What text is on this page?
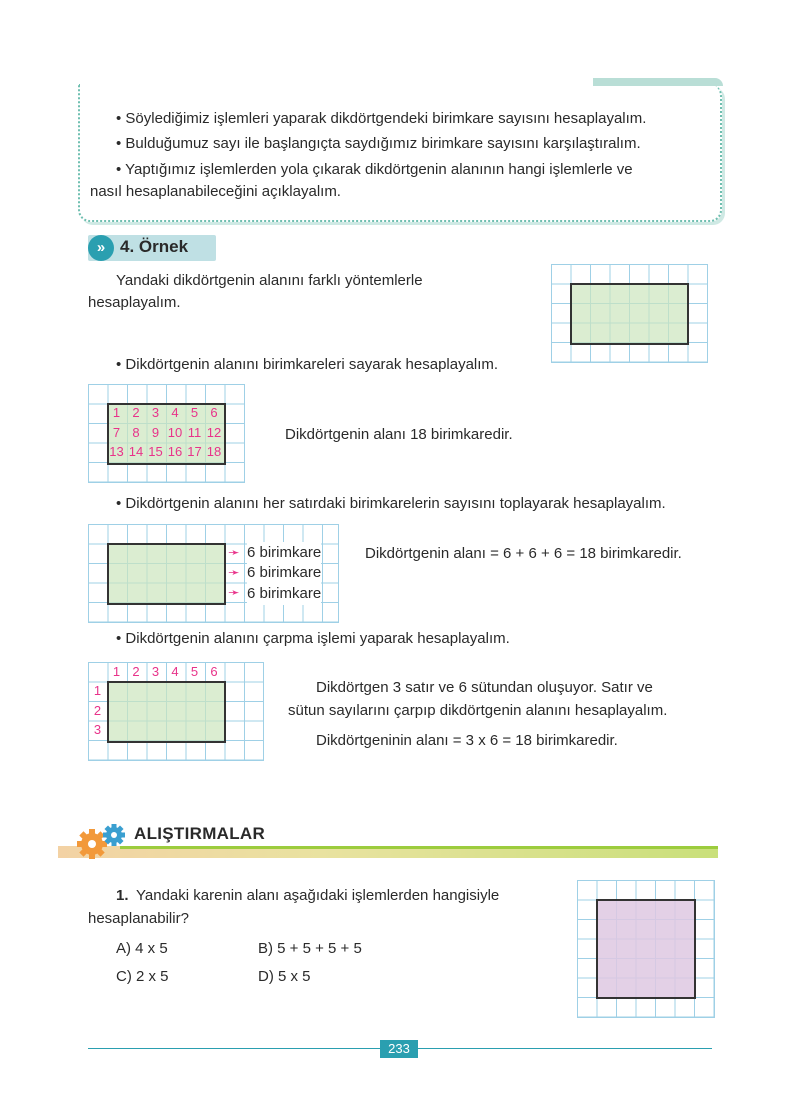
• Söylediğimiz işlemleri yaparak dikdörtgendeki birimkare sayısını hesaplayalım.

• Bulduğumuz sayı ile başlangıçta saydığımız birimkare sayısını karşılaştıralım.

• Yaptığımız işlemlerden yola çıkarak dikdörtgenin alanının hangi işlemlerle ve

nasıl hesaplanabileceğini açıklayalım.

» 4. Örnek
Yandaki dikdörtgenin alanını farklı yöntemlerle
hesaplayalım.
• Dikdörtgenin alanını birimkareleri sayarak hesaplayalım.
1 2 3 4 5 6
7 8 9 10 11 12
13 14 15 16 17 18
Dikdörtgenin alanı 18 birimkaredir.
• Dikdörtgenin alanını her satırdaki birimkarelerin sayısını toplayarak hesaplayalım.
➛
➛
➛
6 birimkare
6 birimkare
6 birimkare
Dikdörtgenin alanı = 6 + 6 + 6 = 18 birimkaredir.
• Dikdörtgenin alanını çarpma işlemi yaparak hesaplayalım.
1 2 3 4 5 6
1
2
3
Dikdörtgen 3 satır ve 6 sütundan oluşuyor. Satır ve
sütun sayılarını çarpıp dikdörtgenin alanını hesaplayalım.
Dikdörtgeninin alanı = 3 x 6 = 18 birimkaredir.
ALIŞTIRMALAR
1. Yandaki karenin alanı aşağıdaki işlemlerden hangisiyle
hesaplanabilir?
A) 4 x 5	B) 5 + 5 + 5 + 5
C) 2 x 5	D) 5 x 5
233
